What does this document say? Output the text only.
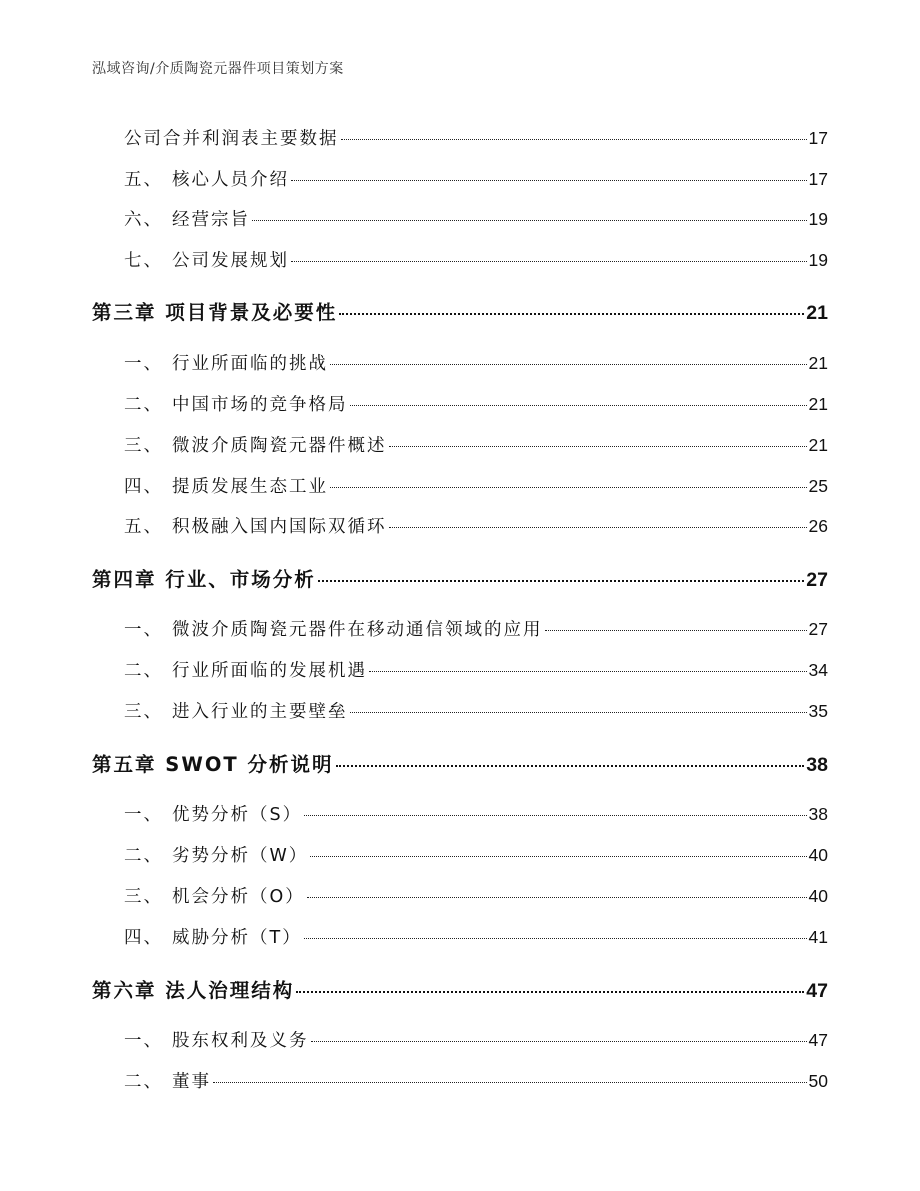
泓域咨询/介质陶瓷元器件项目策划方案
公司合并利润表主要数据	17
五、 核心人员介绍	17
六、 经营宗旨	19
七、 公司发展规划	19
第三章 项目背景及必要性	21
一、 行业所面临的挑战	21
二、 中国市场的竞争格局	21
三、 微波介质陶瓷元器件概述	21
四、 提质发展生态工业	25
五、 积极融入国内国际双循环	26
第四章 行业、市场分析	27
一、 微波介质陶瓷元器件在移动通信领域的应用	27
二、 行业所面临的发展机遇	34
三、 进入行业的主要壁垒	35
第五章 SWOT 分析说明	38
一、 优势分析（S）	38
二、 劣势分析（W）	40
三、 机会分析（O）	40
四、 威胁分析（T）	41
第六章 法人治理结构	47
一、 股东权利及义务	47
二、 董事	50
